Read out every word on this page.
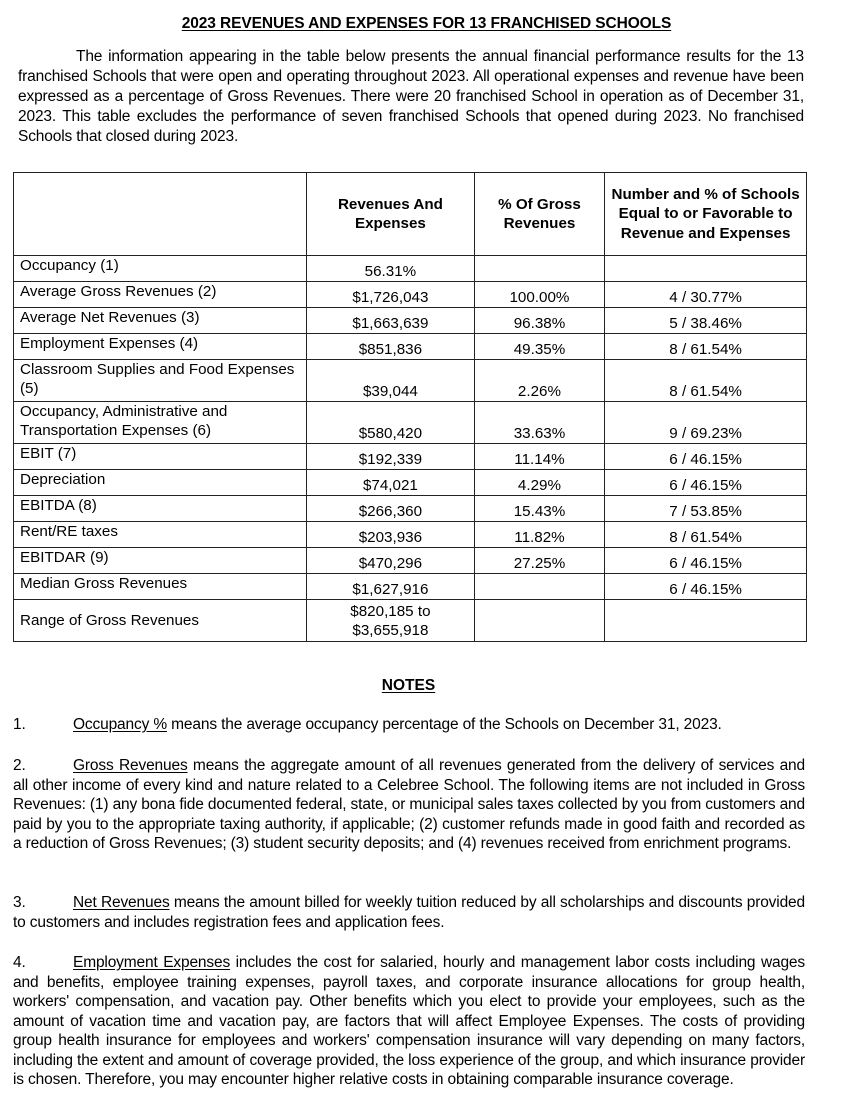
2023 REVENUES AND EXPENSES FOR 13 FRANCHISED SCHOOLS
The information appearing in the table below presents the annual financial performance results for the 13 franchised Schools that were open and operating throughout 2023. All operational expenses and revenue have been expressed as a percentage of Gross Revenues. There were 20 franchised School in operation as of December 31, 2023. This table excludes the performance of seven franchised Schools that opened during 2023. No franchised Schools that closed during 2023.
	Revenues And Expenses	% Of Gross Revenues	Number and % of Schools Equal to or Favorable to Revenue and Expenses
Occupancy (1)	56.31%		
Average Gross Revenues (2)	$1,726,043	100.00%	4 / 30.77%
Average Net Revenues (3)	$1,663,639	96.38%	5 / 38.46%
Employment Expenses (4)	$851,836	49.35%	8 / 61.54%
Classroom Supplies and Food Expenses (5)	$39,044	2.26%	8 / 61.54%
Occupancy, Administrative and Transportation Expenses (6)	$580,420	33.63%	9 / 69.23%
EBIT (7)	$192,339	11.14%	6 / 46.15%
Depreciation	$74,021	4.29%	6 / 46.15%
EBITDA (8)	$266,360	15.43%	7 / 53.85%
Rent/RE taxes	$203,936	11.82%	8 / 61.54%
EBITDAR (9)	$470,296	27.25%	6 / 46.15%
Median Gross Revenues	$1,627,916		6 / 46.15%
Range of Gross Revenues	$820,185 to $3,655,918		
NOTES
1.	Occupancy % means the average occupancy percentage of the Schools on December 31, 2023.
2.	Gross Revenues means the aggregate amount of all revenues generated from the delivery of services and all other income of every kind and nature related to a Celebree School. The following items are not included in Gross Revenues: (1) any bona fide documented federal, state, or municipal sales taxes collected by you from customers and paid by you to the appropriate taxing authority, if applicable; (2) customer refunds made in good faith and recorded as a reduction of Gross Revenues; (3) student security deposits; and (4) revenues received from enrichment programs.
3.	Net Revenues means the amount billed for weekly tuition reduced by all scholarships and discounts provided to customers and includes registration fees and application fees.
4.	Employment Expenses includes the cost for salaried, hourly and management labor costs including wages and benefits, employee training expenses, payroll taxes, and corporate insurance allocations for group health, workers' compensation, and vacation pay. Other benefits which you elect to provide your employees, such as the amount of vacation time and vacation pay, are factors that will affect Employee Expenses. The costs of providing group health insurance for employees and workers' compensation insurance will vary depending on many factors, including the extent and amount of coverage provided, the loss experience of the group, and which insurance provider is chosen. Therefore, you may encounter higher relative costs in obtaining comparable insurance coverage.
